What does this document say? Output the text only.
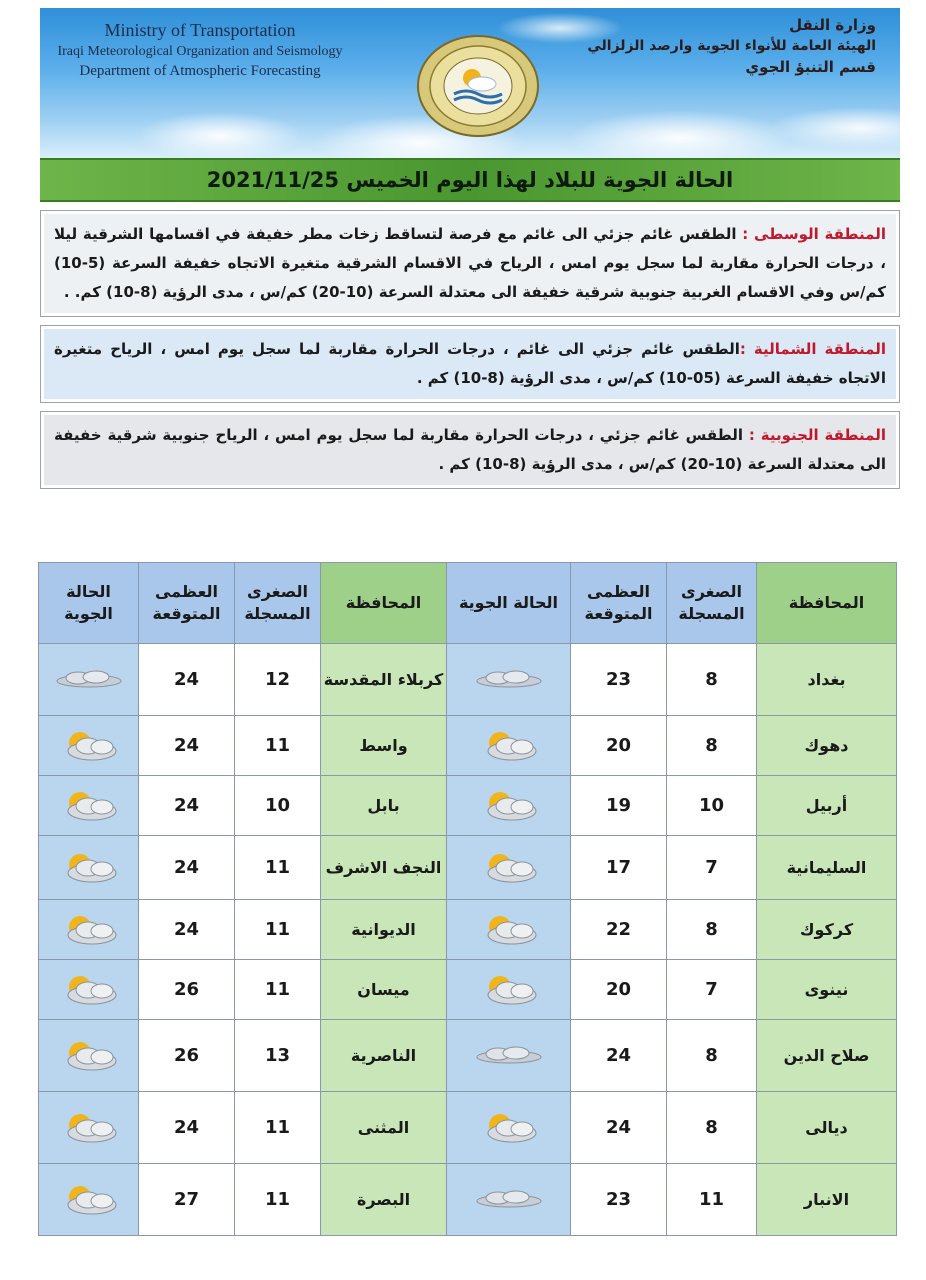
Ministry of Transportation
Iraqi Meteorological Organization and Seismology
Department of Atmospheric Forecasting
وزارة النقل
الهيئة العامة للأنواء الجوية وارصد الزلزالي
قسم التنبؤ الجوي
الحالة الجوية للبلاد لهذا اليوم الخميس 2021/11/25
المنطقة الوسطى : الطقس غائم جزئي الى غائم مع فرصة لتساقط زخات مطر خفيفة في اقسامها الشرقية ليلا ، درجات الحرارة مقاربة لما سجل يوم امس ، الرياح في الاقسام الشرقية متغيرة الاتجاه خفيفة السرعة (5-10) كم/س وفي الاقسام الغربية جنوبية شرقية خفيفة الى معتدلة السرعة (10-20) كم/س ، مدى الرؤية (8-10) كم. .
المنطقة الشمالية :الطقس غائم جزئي الى غائم ، درجات الحرارة مقاربة لما سجل يوم امس ، الرياح متغيرة الاتجاه خفيفة السرعة (05-10) كم/س ، مدى الرؤية (8-10) كم .
المنطقة الجنوبية : الطقس غائم جزئي ، درجات الحرارة مقاربة لما سجل يوم امس ، الرياح جنوبية شرقية خفيفة الى معتدلة السرعة (10-20) كم/س ، مدى الرؤية (8-10) كم .
المحافظة	الصغرى المسجلة	العظمى المتوقعة	الحالة الجوية	المحافظة	الصغرى المسجلة	العظمى المتوقعة	الحالة الجوية
بغداد	8	23		كربلاء المقدسة	12	24	
دهوك	8	20		واسط	11	24	
أربيل	10	19		بابل	10	24	
السليمانية	7	17		النجف الاشرف	11	24	
كركوك	8	22		الديوانية	11	24	
نينوى	7	20		ميسان	11	26	
صلاح الدين	8	24		الناصرية	13	26	
ديالى	8	24		المثنى	11	24	
الانبار	11	23		البصرة	11	27	
